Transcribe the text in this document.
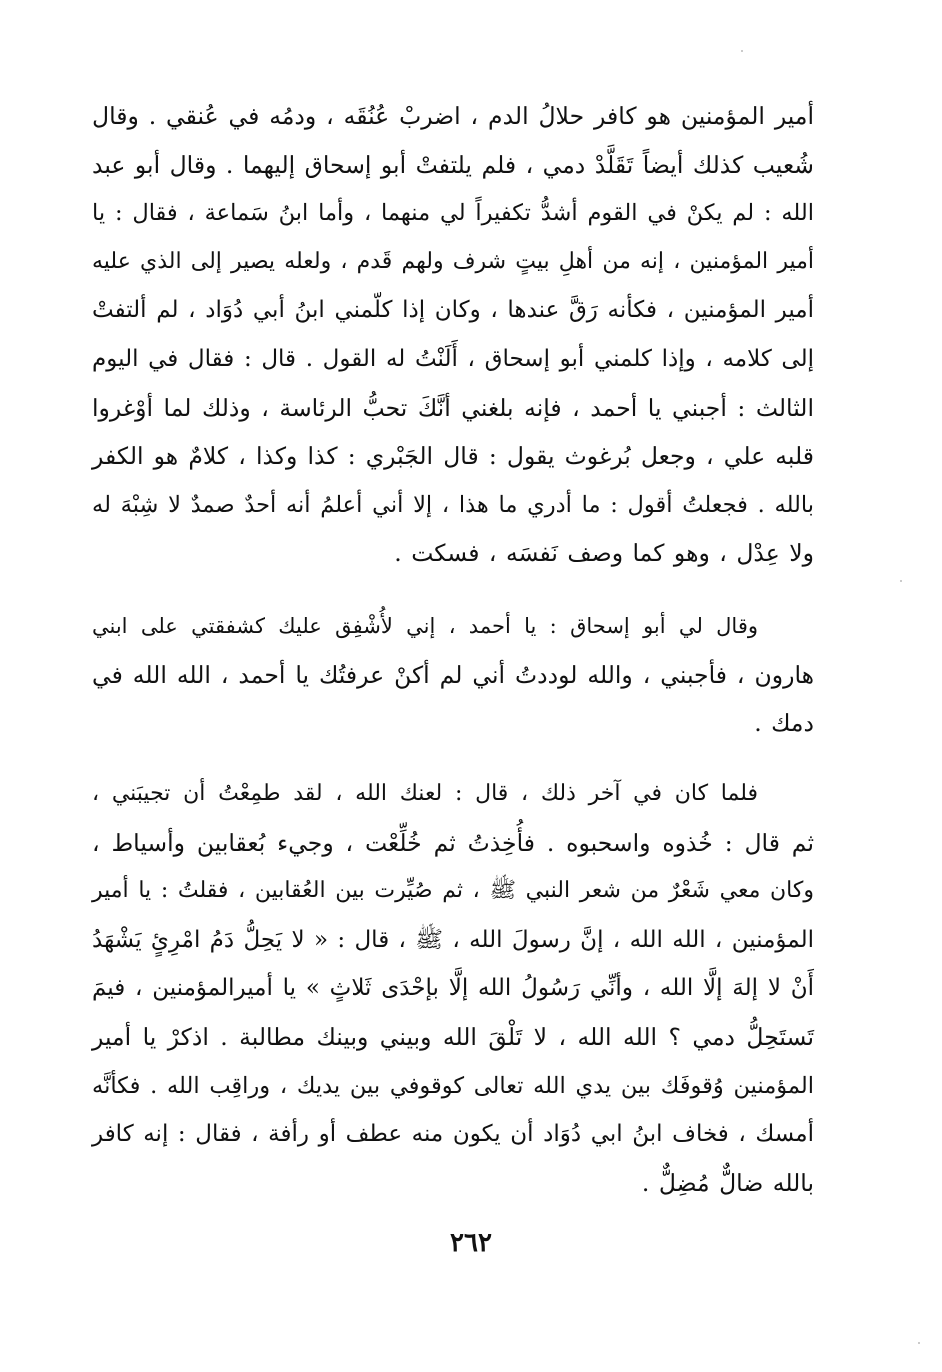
أمير المؤمنين هو كافر حلالُ الدم ، اضربْ عُنُقَه ، ودمُه في عُنقي . وقال
شُعيب كذلك أيضاً تَقَلَّدْ دمي ، فلم يلتفتْ أبو إسحاق إليهما . وقال أبو عبد
الله : لم يكنْ في القوم أشدُّ تكفيراً لي منهما ، وأما ابنُ سَماعة ، فقال : يا
أمير المؤمنين ، إنه من أهلِ بيتٍ شرف ولهم قَدم ، ولعله يصير إلى الذي عليه
أمير المؤمنين ، فكأنه رَقَّ عندها ، وكان إذا كلّمني ابنُ أبي دُوَاد ، لم ألتفتْ
إلى كلامه ، وإذا كلمني أبو إسحاق ، أَلَنْتُ له القول . قال : فقال في اليوم
الثالث : أجبني يا أحمد ، فإنه بلغني أنَّكَ تحبُّ الرئاسة ، وذلك لما أوْغروا
قلبه علي ، وجعل بُرغوث يقول : قال الجَبْري : كذا وكذا ، كلامٌ هو الكفر
بالله . فجعلتُ أقول : ما أدري ما هذا ، إلا أني أعلمُ أنه أحدٌ صمدٌ لا شِبْهَ له
ولا عِدْل ، وهو كما وصف نَفسَه ، فسكت .
وقال لي أبو إسحاق : يا أحمد ، إني لأُشْفِق عليك كشفقتي على ابني
هارون ، فأجبني ، والله لوددتُ أني لم أكنْ عرفتُك يا أحمد ، الله الله في
دمك .
فلما كان في آخر ذلك ، قال : لعنك الله ، لقد طمِعْتُ أن تجيبَني ،
ثم قال : خُذوه واسحبوه . فأُخِذتُ ثم خُلِّعْت ، وجيء بُعقابين وأسياط ،
وكان معي شَعْرٌ من شعر النبي ﷺ ، ثم صُيِّرت بين العُقابين ، فقلتُ : يا أمير
المؤمنين ، الله الله ، إنَّ رسولَ الله ، ﷺ ، قال : « لا يَحِلُّ دَمُ امْرِئٍ يَشْهَدُ
أَنْ لا إلهَ إلَّا الله ، وأنِّي رَسُولُ الله إلَّا بإحْدَى ثَلاثٍ » يا أميرالمؤمنين ، فيمَ
تَستَحِلُّ دمي ؟ الله الله ، لا تَلْقَ الله وبيني وبينك مطالبة . اذكرْ يا أمير
المؤمنين وُقوفَك بين يدي الله تعالى كوقوفي بين يديك ، وراقِب الله . فكأنَّه
أمسك ، فخاف ابنُ ابي دُوَاد أن يكون منه عطف أو رأفة ، فقال : إنه كافر
بالله ضالٌّ مُضِلٌّ .
٢٦٢
